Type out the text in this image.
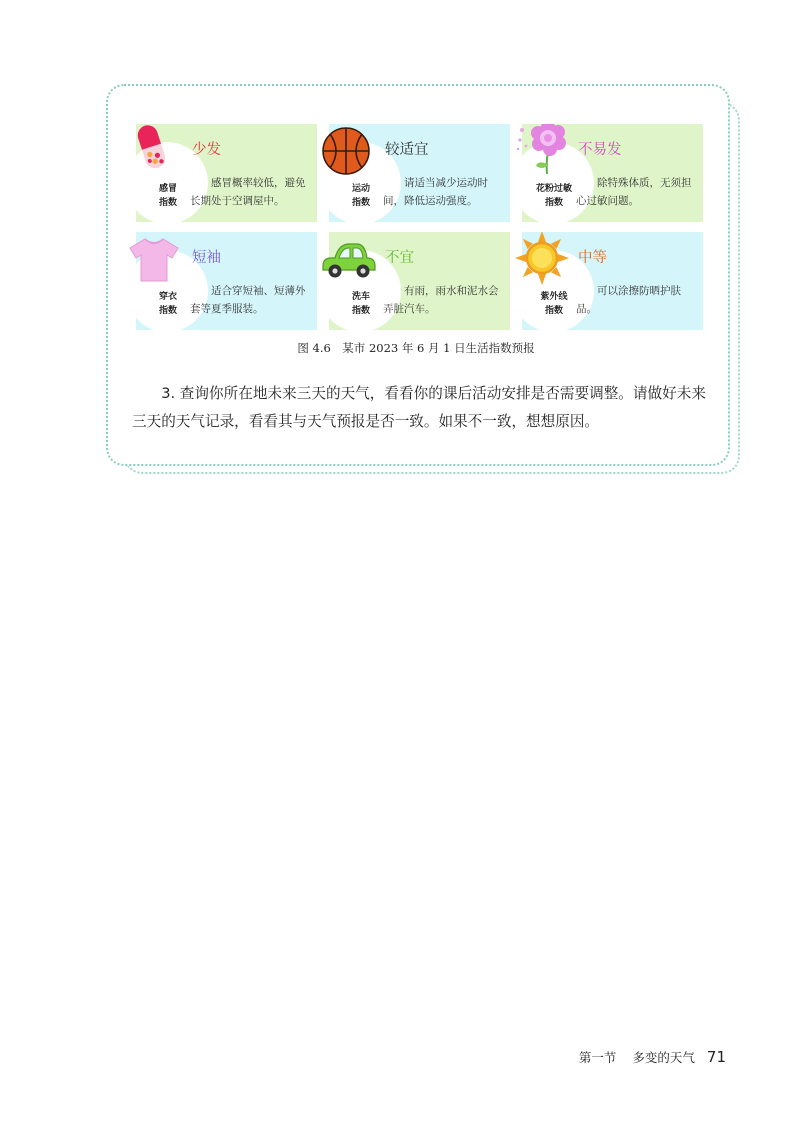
少发
感冒概率较低，避免长期处于空调屋中。
感冒
指数
较适宜
请适当减少运动时间，降低运动强度。
运动
指数
不易发
除特殊体质，无须担心过敏问题。
花粉过敏
指数
短袖
适合穿短袖、短薄外套等夏季服装。
穿衣
指数
不宜
有雨，雨水和泥水会弄脏汽车。
洗车
指数
中等
可以涂擦防晒护肤品。
紫外线
指数
图 4.6　某市 2023 年 6 月 1 日生活指数预报
3. 查询你所在地未来三天的天气，看看你的课后活动安排是否需要调整。请做好未来三天的天气记录，看看其与天气预报是否一致。如果不一致，想想原因。
第一节 多变的天气 71
